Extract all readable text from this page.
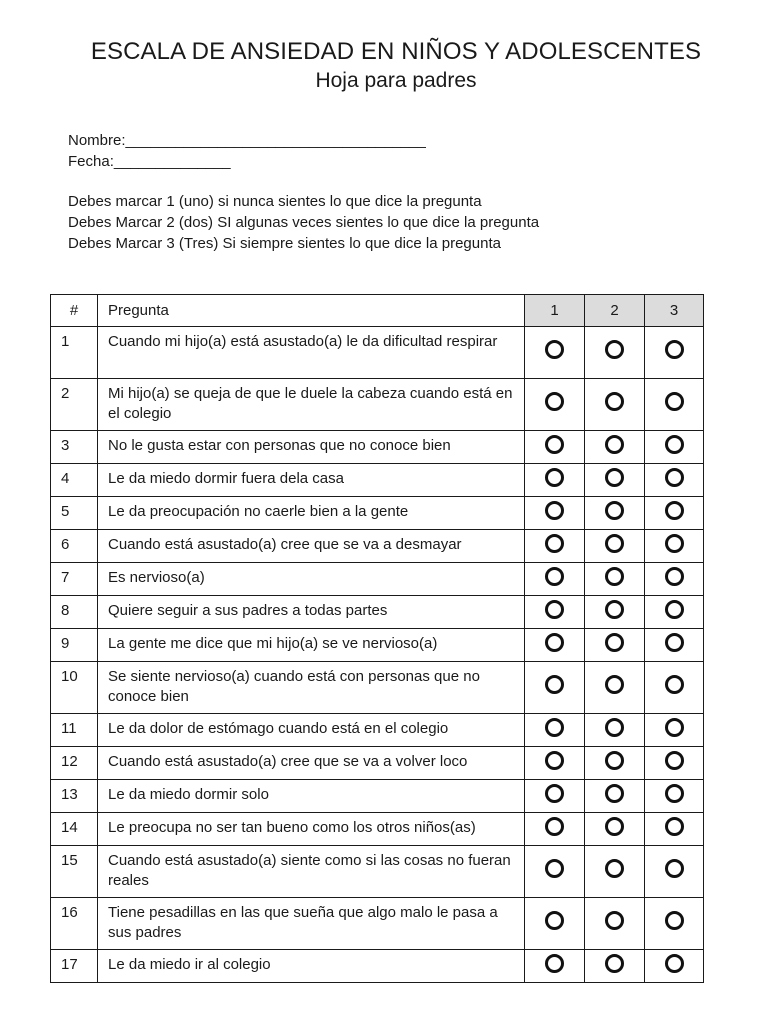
ESCALA DE ANSIEDAD EN NIÑOS Y ADOLESCENTES
Hoja para padres
Nombre:____________________________________
Fecha:______________
Debes marcar 1 (uno) si nunca sientes lo que dice la pregunta
Debes Marcar 2 (dos) SI algunas veces sientes lo que dice la pregunta
Debes Marcar 3 (Tres) Si siempre sientes lo que dice la pregunta
#	Pregunta	1	2	3
1	Cuando mi hijo(a) está asustado(a) le da dificultad respirar			
2	Mi hijo(a) se queja de que le duele la cabeza cuando está en el colegio			
3	No le gusta estar con personas que no conoce bien			
4	Le da miedo dormir fuera dela casa			
5	Le da preocupación no caerle bien a la gente			
6	Cuando está asustado(a) cree que se va a desmayar			
7	Es nervioso(a)			
8	Quiere seguir a sus padres a todas partes			
9	La gente me dice que mi hijo(a) se ve nervioso(a)			
10	Se siente nervioso(a) cuando está con personas que no conoce bien			
11	Le da dolor de estómago cuando está en el colegio			
12	Cuando está asustado(a) cree que se va a volver loco			
13	Le da miedo dormir solo			
14	Le preocupa no ser tan bueno como los otros niños(as)			
15	Cuando está asustado(a) siente como si las cosas no fueran reales			
16	Tiene pesadillas en las que sueña que algo malo le pasa a sus padres			
17	Le da miedo ir al colegio			
